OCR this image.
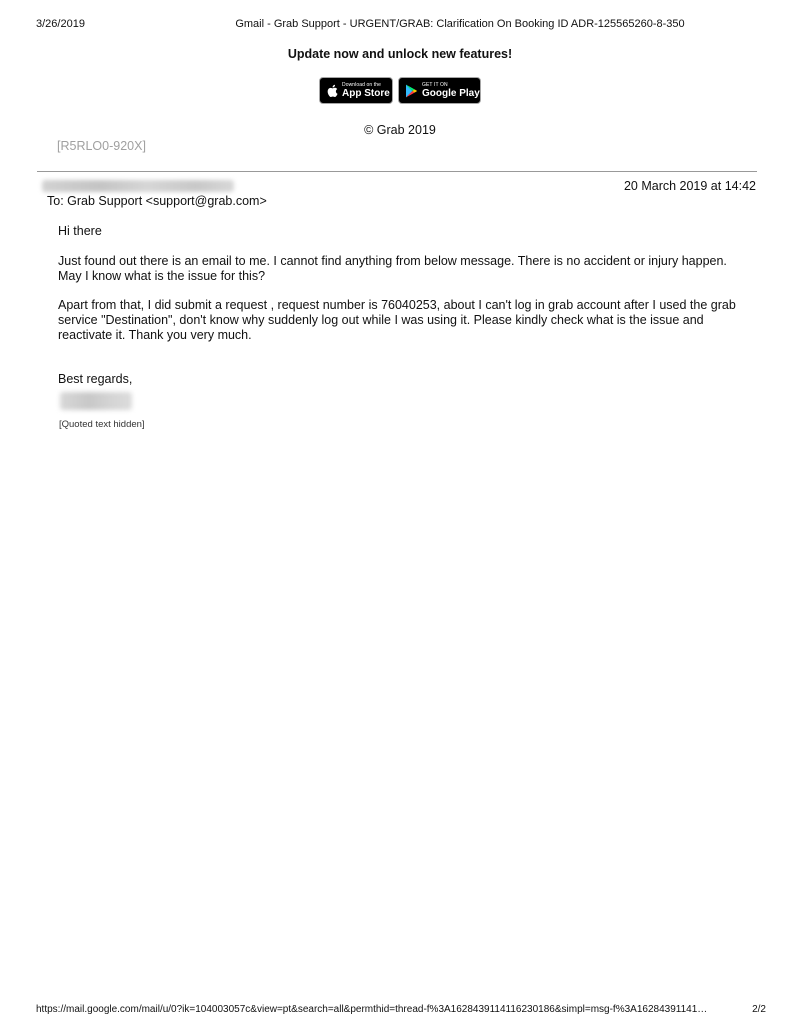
3/26/2019	Gmail - Grab Support - URGENT/GRAB: Clarification On Booking ID ADR-125565260-8-350
Update now and unlock new features!
Download on the
App Store
GET IT ON
Google Play
© Grab 2019
[R5RLO0-920X]
20 March 2019 at 14:42
To: Grab Support <support@grab.com>
Hi there
Just found out there is an email to me. I cannot find anything from below message. There is no accident or injury happen. May I know what is the issue for this?
Apart from that, I did submit a request , request number is 76040253, about I can't log in grab account after I used the grab service "Destination", don't know why suddenly log out while I was using it. Please kindly check what is the issue and reactivate it. Thank you very much.
Best regards,
[Quoted text hidden]
https://mail.google.com/mail/u/0?ik=104003057c&view=pt&search=all&permthid=thread-f%3A1628439114116230186&simpl=msg-f%3A16284391141…	2/2
